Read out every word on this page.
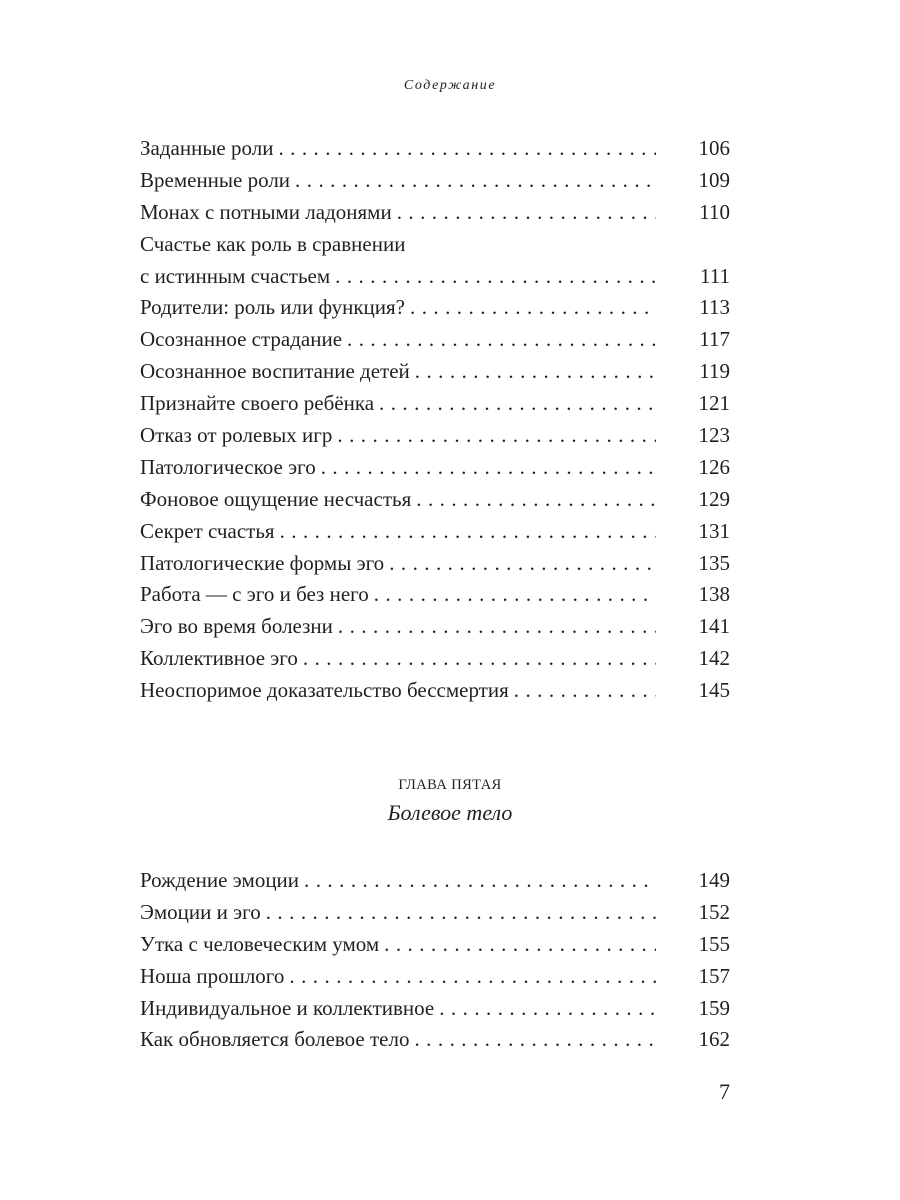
Содержание
Заданные роли . . .	106
Временные роли . . .	109
Монах с потными ладонями . . .	110
Счастье как роль в сравнении
с истинным счастьем . . .	111
Родители: роль или функция? . . .	113
Осознанное страдание . . .	117
Осознанное воспитание детей . . .	119
Признайте своего ребёнка . . .	121
Отказ от ролевых игр . . .	123
Патологическое эго . . .	126
Фоновое ощущение несчастья . . .	129
Секрет счастья . . .	131
Патологические формы эго . . .	135
Работа — с эго и без него . . .	138
Эго во время болезни . . .	141
Коллективное эго . . .	142
Неоспоримое доказательство бессмертия . . .	145
ГЛАВА ПЯТАЯ
Болевое тело
Рождение эмоции . . .	149
Эмоции и эго . . .	152
Утка с человеческим умом . . .	155
Ноша прошлого . . .	157
Индивидуальное и коллективное . . .	159
Как обновляется болевое тело . . .	162
7
